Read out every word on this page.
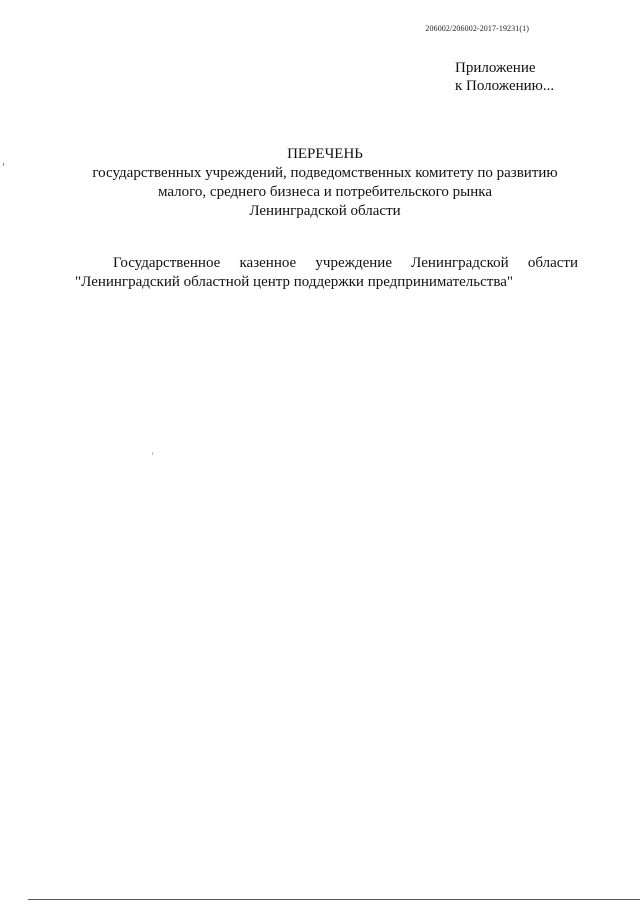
206002/206002-2017-19231(1)
Приложение
к Положению...
ПЕРЕЧЕНЬ
государственных учреждений, подведомственных комитету по развитию
малого, среднего бизнеса и потребительского рынка
Ленинградской области
Государственное казенное учреждение Ленинградской области
"Ленинградский областной центр поддержки предпринимательства"
